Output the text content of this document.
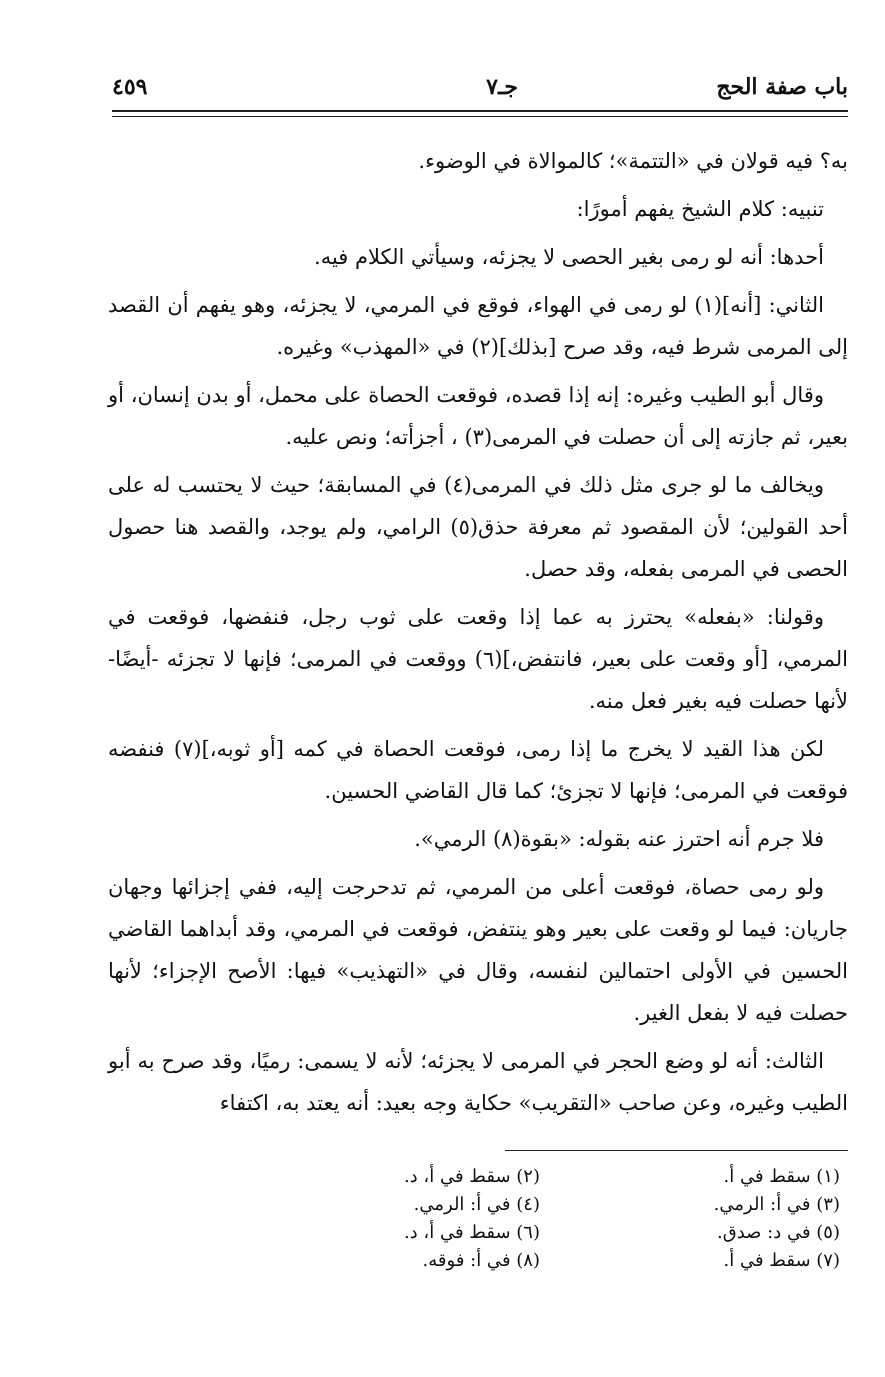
باب صفة الحج
جـ٧
٤٥٩

به؟ فيه قولان في «التتمة»؛ كالموالاة في الوضوء.

تنبيه: كلام الشيخ يفهم أمورًا:

أحدها: أنه لو رمى بغير الحصى لا يجزئه، وسيأتي الكلام فيه.

الثاني: [أنه](١) لو رمى في الهواء، فوقع في المرمي، لا يجزئه، وهو يفهم أن القصد إلى المرمى شرط فيه، وقد صرح [بذلك](٢) في «المهذب» وغيره.

وقال أبو الطيب وغيره: إنه إذا قصده، فوقعت الحصاة على محمل، أو بدن إنسان، أو بعير، ثم جازته إلى أن حصلت في المرمى(٣) ، أجزأته؛ ونص عليه.

ويخالف ما لو جرى مثل ذلك في المرمى(٤) في المسابقة؛ حيث لا يحتسب له على أحد القولين؛ لأن المقصود ثم معرفة حذق(٥) الرامي، ولم يوجد، والقصد هنا حصول الحصى في المرمى بفعله، وقد حصل.

وقولنا: «بفعله» يحترز به عما إذا وقعت على ثوب رجل، فنفضها، فوقعت في المرمي، [أو وقعت على بعير، فانتفض،](٦) ووقعت في المرمى؛ فإنها لا تجزئه -أيضًا- لأنها حصلت فيه بغير فعل منه.

لكن هذا القيد لا يخرج ما إذا رمى، فوقعت الحصاة في كمه [أو ثوبه،](٧) فنفضه فوقعت في المرمى؛ فإنها لا تجزئ؛ كما قال القاضي الحسين.

فلا جرم أنه احترز عنه بقوله: «بقوة(٨) الرمي».

ولو رمى حصاة، فوقعت أعلى من المرمي، ثم تدحرجت إليه، ففي إجزائها وجهان جاريان: فيما لو وقعت على بعير وهو ينتفض، فوقعت في المرمي، وقد أبداهما القاضي الحسين في الأولى احتمالين لنفسه، وقال في «التهذيب» فيها: الأصح الإجزاء؛ لأنها حصلت فيه لا بفعل الغير.

الثالث: أنه لو وضع الحجر في المرمى لا يجزئه؛ لأنه لا يسمى: رميًا، وقد صرح به أبو الطيب وغيره، وعن صاحب «التقريب» حكاية وجه بعيد: أنه يعتد به، اكتفاء

(١) سقط في أ.
(٣) في أ: الرمي.
(٥) في د: صدق.
(٧) سقط في أ.
(٢) سقط في أ، د.
(٤) في أ: الرمي.
(٦) سقط في أ، د.
(٨) في أ: فوقه.
